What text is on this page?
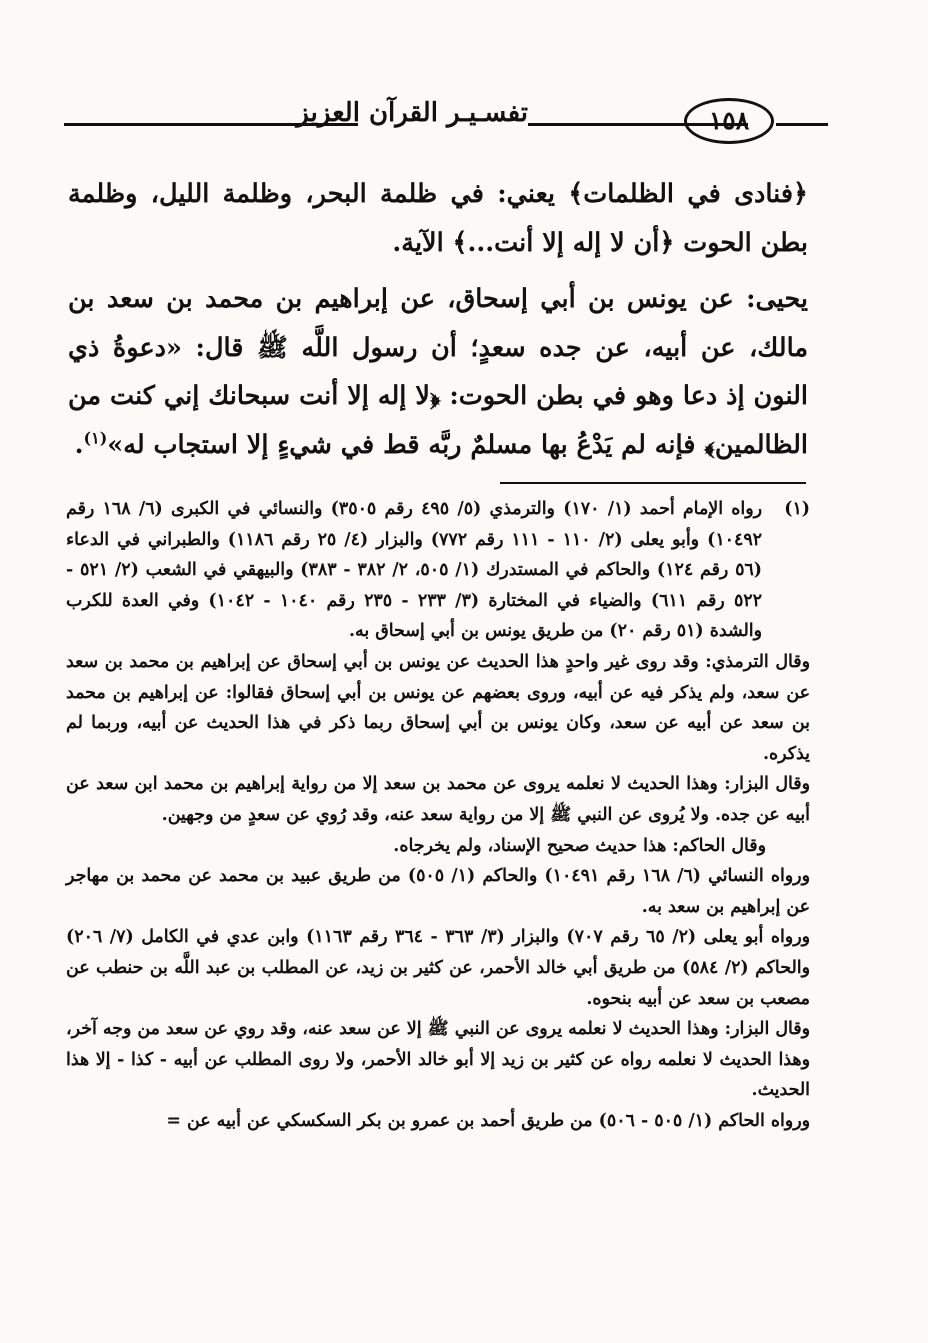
تفسـيـر القرآن العزيز	١٥٨

﴿فنادى في الظلمات﴾ يعني: في ظلمة البحر، وظلمة الليل، وظلمة بطن الحوت ﴿أن لا إله إلا أنت...﴾ الآية.

يحيى: عن يونس بن أبي إسحاق، عن إبراهيم بن محمد بن سعد بن مالك، عن أبيه، عن جده سعدٍ؛ أن رسول اللَّه ﷺ قال: «دعوةُ ذي النون إذ دعا وهو في بطن الحوت: ﴿لا إله إلا أنت سبحانك إني كنت من الظالمين﴾ فإنه لم يَدْعُ بها مسلمٌ ربَّه قط في شيءٍ إلا استجاب له»$^{(١)}$.

(١)رواه الإمام أحمد (١/ ١٧٠) والترمذي (٥/ ٤٩٥ رقم ٣٥٠٥) والنسائي في الكبرى (٦/ ١٦٨ رقم ١٠٤٩٢) وأبو يعلى (٢/ ١١٠ - ١١١ رقم ٧٧٢) والبزار (٤/ ٢٥ رقم ١١٨٦) والطبراني في الدعاء (٥٦ رقم ١٢٤) والحاكم في المستدرك (١/ ٥٠٥، ٢/ ٣٨٢ - ٣٨٣) والبيهقي في الشعب (٢/ ٥٢١ - ٥٢٢ رقم ٦١١) والضياء في المختارة (٣/ ٢٣٣ - ٢٣٥ رقم ١٠٤٠ - ١٠٤٢) وفي العدة للكرب والشدة (٥١ رقم ٢٠) من طريق يونس بن أبي إسحاق به.

وقال الترمذي: وقد روى غير واحدٍ هذا الحديث عن يونس بن أبي إسحاق عن إبراهيم بن محمد بن سعد عن سعد، ولم يذكر فيه عن أبيه، وروى بعضهم عن يونس بن أبي إسحاق فقالوا: عن إبراهيم بن محمد بن سعد عن أبيه عن سعد، وكان يونس بن أبي إسحاق ربما ذكر في هذا الحديث عن أبيه، وربما لم يذكره.

وقال البزار: وهذا الحديث لا نعلمه يروى عن محمد بن سعد إلا من رواية إبراهيم بن محمد ابن سعد عن أبيه عن جده. ولا يُروى عن النبي ﷺ إلا من رواية سعد عنه، وقد رُوي عن سعدٍ من وجهين.

وقال الحاكم: هذا حديث صحيح الإسناد، ولم يخرجاه.

ورواه النسائي (٦/ ١٦٨ رقم ١٠٤٩١) والحاكم (١/ ٥٠٥) من طريق عبيد بن محمد عن محمد بن مهاجر عن إبراهيم بن سعد به.

ورواه أبو يعلى (٢/ ٦٥ رقم ٧٠٧) والبزار (٣/ ٣٦٣ - ٣٦٤ رقم ١١٦٣) وابن عدي في الكامل (٧/ ٢٠٦) والحاكم (٢/ ٥٨٤) من طريق أبي خالد الأحمر، عن كثير بن زيد، عن المطلب بن عبد اللَّه بن حنطب عن مصعب بن سعد عن أبيه بنحوه.

وقال البزار: وهذا الحديث لا نعلمه يروى عن النبي ﷺ إلا عن سعد عنه، وقد روي عن سعد من وجه آخر، وهذا الحديث لا نعلمه رواه عن كثير بن زيد إلا أبو خالد الأحمر، ولا روى المطلب عن أبيه - كذا - إلا هذا الحديث.

ورواه الحاكم (١/ ٥٠٥ - ٥٠٦) من طريق أحمد بن عمرو بن بكر السكسكي عن أبيه عن =
